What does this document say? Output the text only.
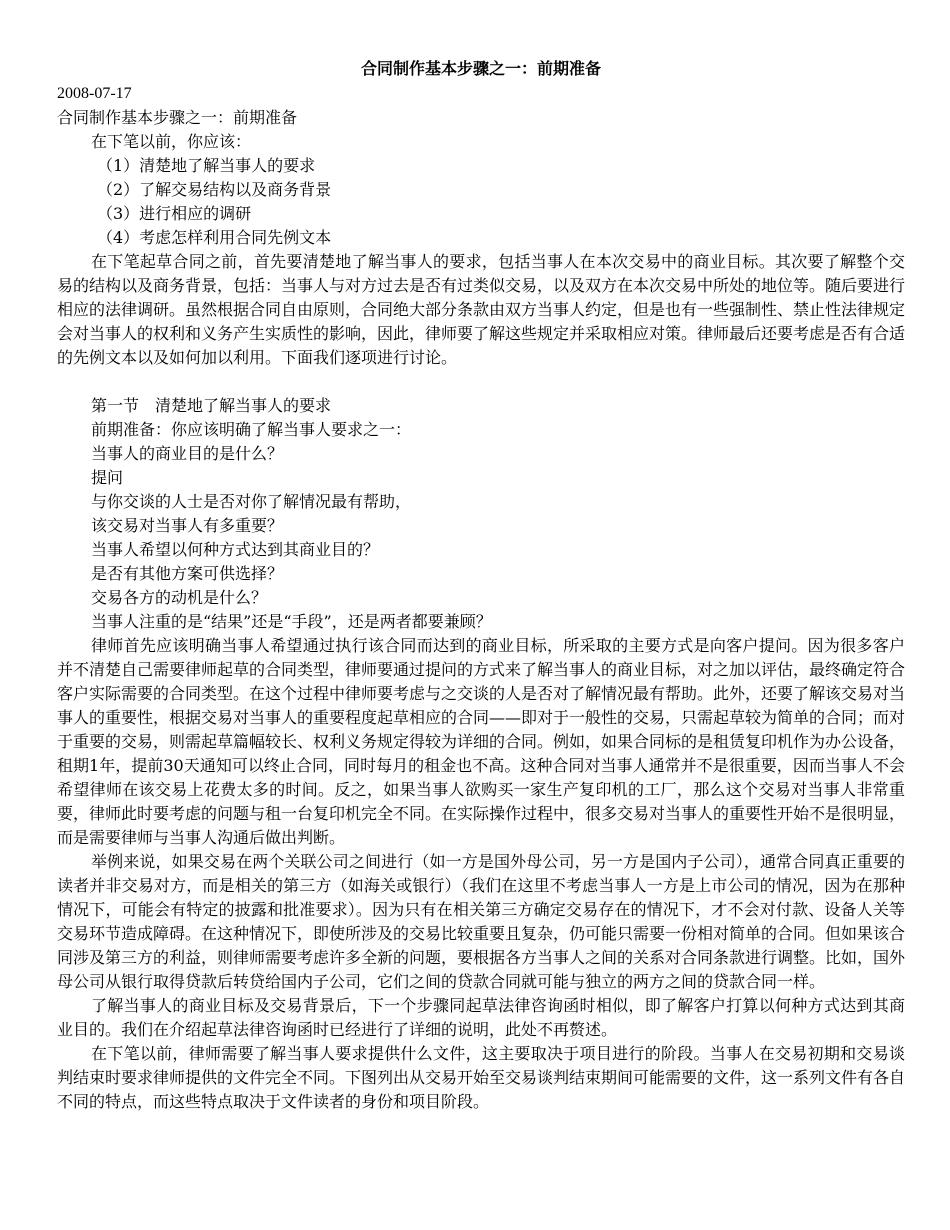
合同制作基本步骤之一：前期准备

2008-07-17

合同制作基本步骤之一：前期准备

在下笔以前，你应该：

（1）清楚地了解当事人的要求

（2）了解交易结构以及商务背景

（3）进行相应的调研

（4）考虑怎样利用合同先例文本

在下笔起草合同之前，首先要清楚地了解当事人的要求，包括当事人在本次交易中的商业目标。其次要了解整个交易的结构以及商务背景，包括：当事人与对方过去是否有过类似交易，以及双方在本次交易中所处的地位等。随后要进行相应的法律调研。虽然根据合同自由原则，合同绝大部分条款由双方当事人约定，但是也有一些强制性、禁止性法律规定会对当事人的权利和义务产生实质性的影响，因此，律师要了解这些规定并采取相应对策。律师最后还要考虑是否有合适的先例文本以及如何加以利用。下面我们逐项进行讨论。

第一节　清楚地了解当事人的要求

前期准备：你应该明确了解当事人要求之一：

当事人的商业目的是什么？

提问

与你交谈的人士是否对你了解情况最有帮助，

该交易对当事人有多重要？

当事人希望以何种方式达到其商业目的？

是否有其他方案可供选择？

交易各方的动机是什么？

当事人注重的是“结果”还是“手段”，还是两者都要兼顾？

律师首先应该明确当事人希望通过执行该合同而达到的商业目标，所采取的主要方式是向客户提问。因为很多客户并不清楚自己需要律师起草的合同类型，律师要通过提问的方式来了解当事人的商业目标，对之加以评估，最终确定符合客户实际需要的合同类型。在这个过程中律师要考虑与之交谈的人是否对了解情况最有帮助。此外，还要了解该交易对当事人的重要性，根据交易对当事人的重要程度起草相应的合同——即对于一般性的交易，只需起草较为简单的合同；而对于重要的交易，则需起草篇幅较长、权利义务规定得较为详细的合同。例如，如果合同标的是租赁复印机作为办公设备，租期1年，提前30天通知可以终止合同，同时每月的租金也不高。这种合同对当事人通常并不是很重要，因而当事人不会希望律师在该交易上花费太多的时间。反之，如果当事人欲购买一家生产复印机的工厂，那么这个交易对当事人非常重要，律师此时要考虑的问题与租一台复印机完全不同。在实际操作过程中，很多交易对当事人的重要性开始不是很明显，而是需要律师与当事人沟通后做出判断。

举例来说，如果交易在两个关联公司之间进行（如一方是国外母公司，另一方是国内子公司），通常合同真正重要的读者并非交易对方，而是相关的第三方（如海关或银行）（我们在这里不考虑当事人一方是上市公司的情况，因为在那种情况下，可能会有特定的披露和批准要求）。因为只有在相关第三方确定交易存在的情况下，才不会对付款、设备人关等交易环节造成障碍。在这种情况下，即使所涉及的交易比较重要且复杂，仍可能只需要一份相对简单的合同。但如果该合同涉及第三方的利益，则律师需要考虑许多全新的问题，要根据各方当事人之间的关系对合同条款进行调整。比如，国外母公司从银行取得贷款后转贷给国内子公司，它们之间的贷款合同就可能与独立的两方之间的贷款合同一样。

了解当事人的商业目标及交易背景后，下一个步骤同起草法律咨询函时相似，即了解客户打算以何种方式达到其商业目的。我们在介绍起草法律咨询函时已经进行了详细的说明，此处不再赘述。

在下笔以前，律师需要了解当事人要求提供什么文件，这主要取决于项目进行的阶段。当事人在交易初期和交易谈判结束时要求律师提供的文件完全不同。下图列出从交易开始至交易谈判结束期间可能需要的文件，这一系列文件有各自不同的特点，而这些特点取决于文件读者的身份和项目阶段。
